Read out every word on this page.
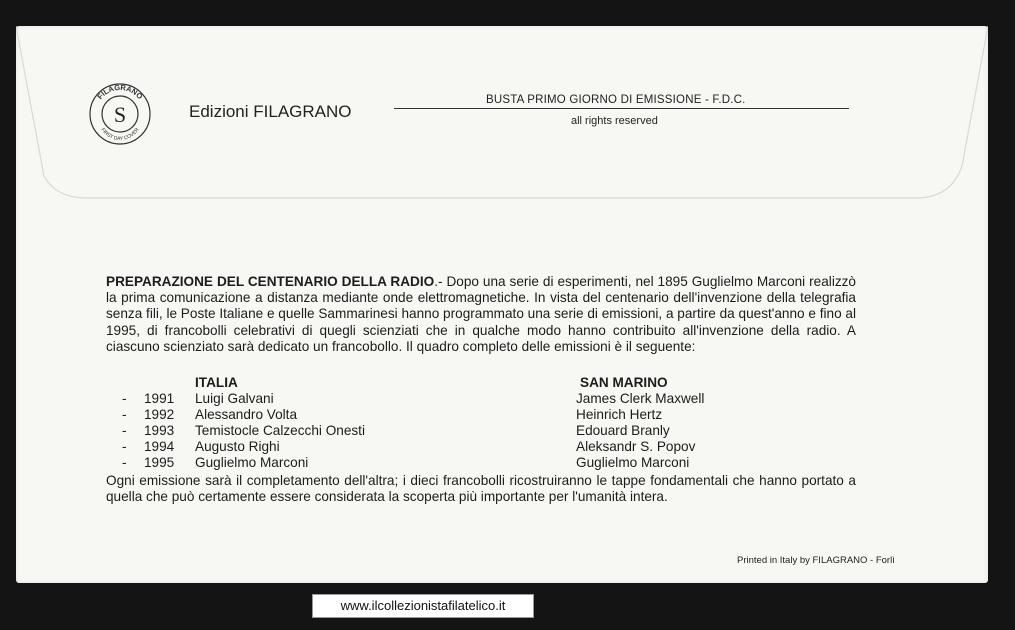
FILAGRANO
FIRST DAY COVER
S	Edizioni FILAGRANO
BUSTA PRIMO GIORNO DI EMISSIONE - F.D.C.
all rights reserved
PREPARAZIONE DEL CENTENARIO DELLA RADIO.- Dopo una serie di esperimenti, nel 1895 Guglielmo Marconi realizzò la prima comunicazione a distanza mediante onde elettromagnetiche. In vista del centenario dell'invenzione della telegrafia senza fili, le Poste Italiane e quelle Sammarinesi hanno programmato una serie di emissioni, a partire da quest'anno e fino al 1995, di francobolli celebrativi di quegli scienziati che in qualche modo hanno contribuito all'invenzione della radio. A ciascuno scienziato sarà dedicato un francobollo. Il quadro completo delle emissioni è il seguente:
ITALIA	SAN MARINO
- 1991 Luigi Galvani	James Clerk Maxwell
- 1992 Alessandro Volta	Heinrich Hertz
- 1993 Temistocle Calzecchi Onesti	Edouard Branly
- 1994 Augusto Righi	Aleksandr S. Popov
- 1995 Guglielmo Marconi	Guglielmo Marconi
Ogni emissione sarà il completamento dell'altra; i dieci francobolli ricostruiranno le tappe fondamentali che hanno portato a quella che può certamente essere considerata la scoperta più importante per l'umanità intera.
Printed in Italy by FILAGRANO - Forlì
www.ilcollezionistafilatelico.it
